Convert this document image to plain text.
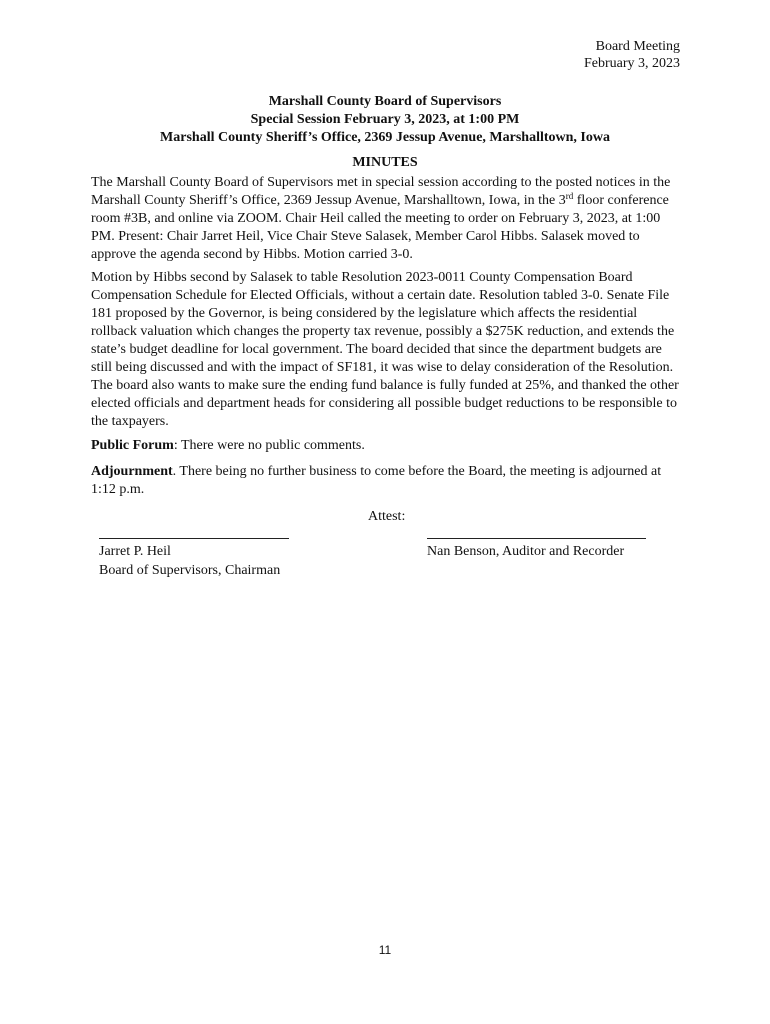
Board Meeting
February 3, 2023
Marshall County Board of Supervisors
Special Session February 3, 2023, at 1:00 PM
Marshall County Sheriff’s Office, 2369 Jessup Avenue, Marshalltown, Iowa
MINUTES

The Marshall County Board of Supervisors met in special session according to the posted notices in the Marshall County Sheriff’s Office, 2369 Jessup Avenue, Marshalltown, Iowa, in the 3rd floor conference room #3B, and online via ZOOM. Chair Heil called the meeting to order on February 3, 2023, at 1:00 PM. Present: Chair Jarret Heil, Vice Chair Steve Salasek, Member Carol Hibbs. Salasek moved to approve the agenda second by Hibbs. Motion carried 3-0.

Motion by Hibbs second by Salasek to table Resolution 2023-0011 County Compensation Board Compensation Schedule for Elected Officials, without a certain date. Resolution tabled 3-0. Senate File 181 proposed by the Governor, is being considered by the legislature which affects the residential rollback valuation which changes the property tax revenue, possibly a $275K reduction, and extends the state’s budget deadline for local government. The board decided that since the department budgets are still being discussed and with the impact of SF181, it was wise to delay consideration of the Resolution. The board also wants to make sure the ending fund balance is fully funded at 25%, and thanked the other elected officials and department heads for considering all possible budget reductions to be responsible to the taxpayers.

Public Forum: There were no public comments.

Adjournment. There being no further business to come before the Board, the meeting is adjourned at 1:12 p.m.

Attest:
Jarret P. Heil
Board of Supervisors, Chairman
Nan Benson, Auditor and Recorder
11
